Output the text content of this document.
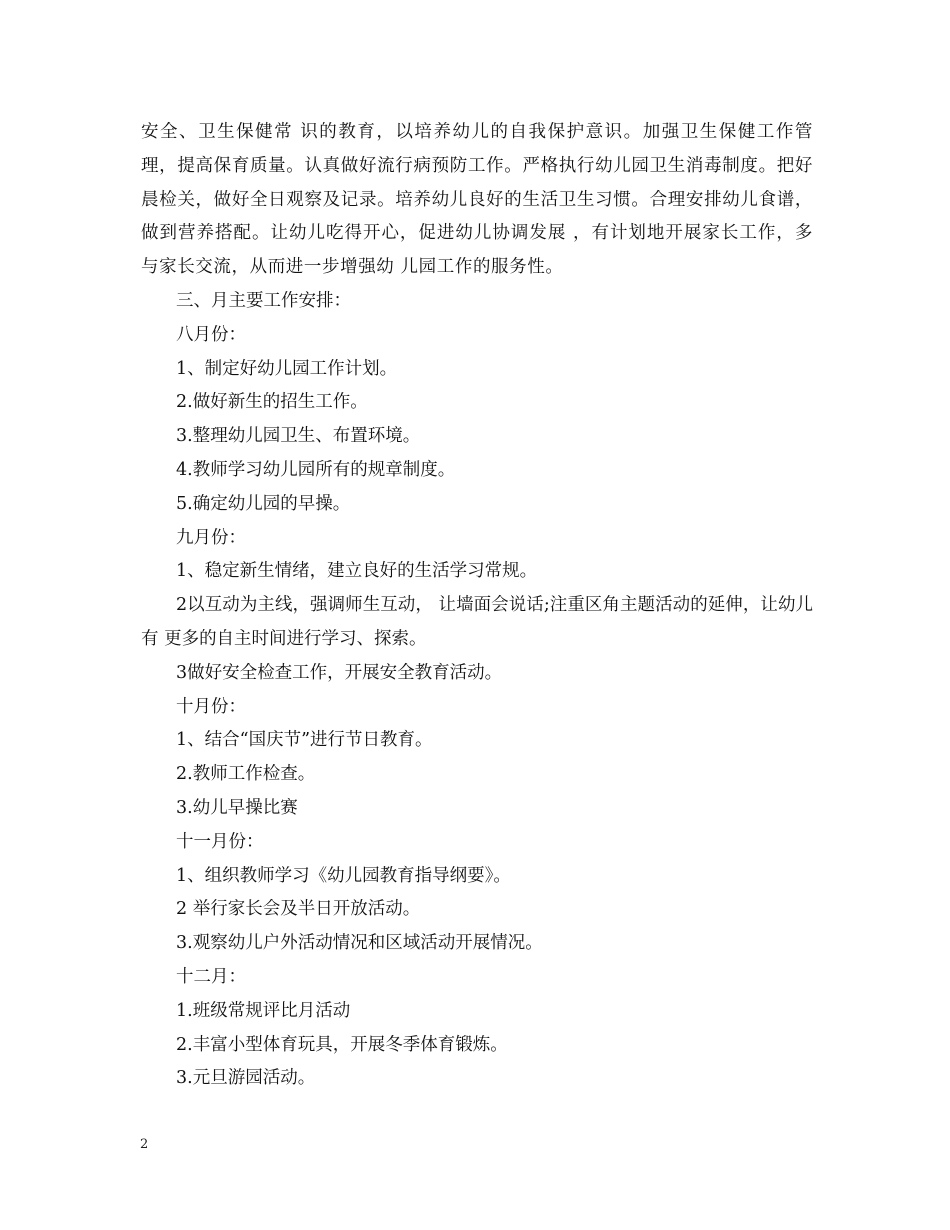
安全、卫生保健常 识的教育，以培养幼儿的自我保护意识。加强卫生保健工作管理，提高保育质量。认真做好流行病预防工作。严格执行幼儿园卫生消毒制度。把好晨检关，做好全日观察及记录。培养幼儿良好的生活卫生习惯。合理安排幼儿食谱，做到营养搭配。让幼儿吃得开心，促进幼儿协调发展 ，有计划地开展家长工作，多与家长交流，从而进一步增强幼 儿园工作的服务性。

三、月主要工作安排：

八月份：

1、制定好幼儿园工作计划。

2.做好新生的招生工作。

3.整理幼儿园卫生、布置环境。

4.教师学习幼儿园所有的规章制度。

5.确定幼儿园的早操。

九月份：

1、稳定新生情绪，建立良好的生活学习常规。

2以互动为主线，强调师生互动， 让墙面会说话;注重区角主题活动的延伸，让幼儿有 更多的自主时间进行学习、探索。

3做好安全检查工作，开展安全教育活动。

十月份：

1、结合“国庆节”进行节日教育。

2.教师工作检查。

3.幼儿早操比赛

十一月份：

1、组织教师学习《幼儿园教育指导纲要》。

2 举行家长会及半日开放活动。

3.观察幼儿户外活动情况和区域活动开展情况。

十二月：

1.班级常规评比月活动

2.丰富小型体育玩具，开展冬季体育锻炼。

3.元旦游园活动。

2
